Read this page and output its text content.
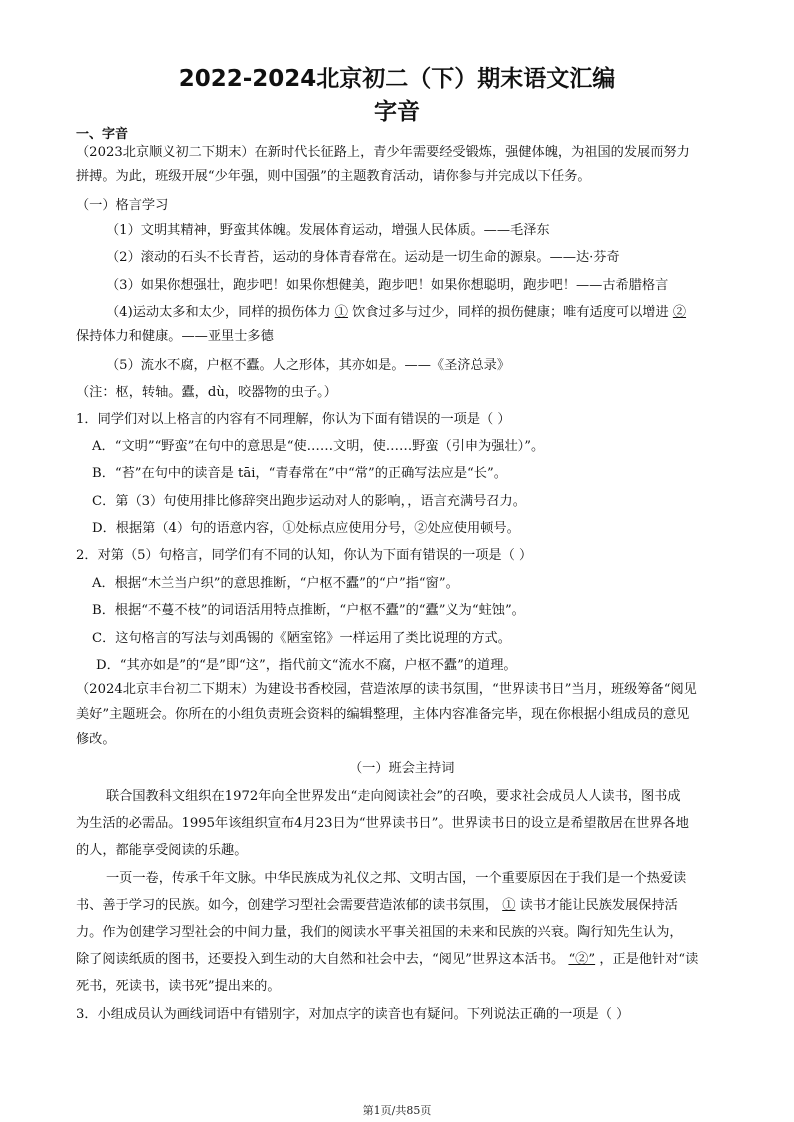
2022-2024北京初二（下）期末语文汇编
字音
一、字音
（2023北京顺义初二下期末）在新时代长征路上，青少年需要经受锻炼，强健体魄，为祖国的发展而努力
拼搏。为此，班级开展“少年强，则中国强”的主题教育活动，请你参与并完成以下任务。
（一）格言学习
（1）文明其精神，野蛮其体魄。发展体育运动，增强人民体质。——毛泽东
（2）滚动的石头不长青苔，运动的身体青春常在。运动是一切生命的源泉。——达·芬奇
（3）如果你想强壮，跑步吧！如果你想健美，跑步吧！如果你想聪明，跑步吧！——古希腊格言
（4)运动太多和太少，同样的损伤体力 ① 饮食过多与过少，同样的损伤健康；唯有适度可以增进 ②
保持体力和健康。——亚里士多德
（5）流水不腐，户枢不蠹。人之形体，其亦如是。——《圣济总录》
（注：枢，转轴。蠹，dù，咬器物的虫子。）
1．同学们对以上格言的内容有不同理解，你认为下面有错误的一项是（ ）
A．“文明”“野蛮”在句中的意思是“使……文明，使……野蛮（引申为强壮）”。
B．“苔”在句中的读音是 tāi，“青春常在”中“常”的正确写法应是“长”。
C．第（3）句使用排比修辞突出跑步运动对人的影响，，语言充满号召力。
D．根据第（4）句的语意内容，①处标点应使用分号，②处应使用顿号。
2．对第（5）句格言，同学们有不同的认知，你认为下面有错误的一项是（ ）
A．根据“木兰当户织”的意思推断，“户枢不蠹”的“户”指“窗”。
B．根据“不蔓不枝”的词语活用特点推断，“户枢不蠹”的“蠹”义为“蛀蚀”。
C．这句格言的写法与刘禹锡的《陋室铭》一样运用了类比说理的方式。
D．“其亦如是”的“是”即“这”，指代前文“流水不腐，户枢不蠹”的道理。
（2024北京丰台初二下期末）为建设书香校园，营造浓厚的读书氛围，“世界读书日”当月，班级筹备“阅见
美好”主题班会。你所在的小组负责班会资料的编辑整理，主体内容准备完毕，现在你根据小组成员的意见
修改。
（一）班会主持词
联合国教科文组织在1972年向全世界发出“走向阅读社会”的召唤，要求社会成员人人读书，图书成
为生活的必需品。1995年该组织宣布4月23日为“世界读书日”。世界读书日的设立是希望散居在世界各地
的人，都能享受阅读的乐趣。
一页一卷，传承千年文脉。中华民族成为礼仪之邦、文明古国，一个重要原因在于我们是一个热爱读
书、善于学习的民族。如今，创建学习型社会需要营造浓郁的读书氛围， ① 读书才能让民族发展保持活
力。作为创建学习型社会的中间力量，我们的阅读水平事关祖国的未来和民族的兴衰。陶行知先生认为，
除了阅读纸质的图书，还要投入到生动的大自然和社会中去，“阅见”世界这本活书。 “②” ，正是他针对“读
死书，死读书，读书死”提出来的。
3．小组成员认为画线词语中有错别字，对加点字的读音也有疑问。下列说法正确的一项是（ ）
第1页/共85页
